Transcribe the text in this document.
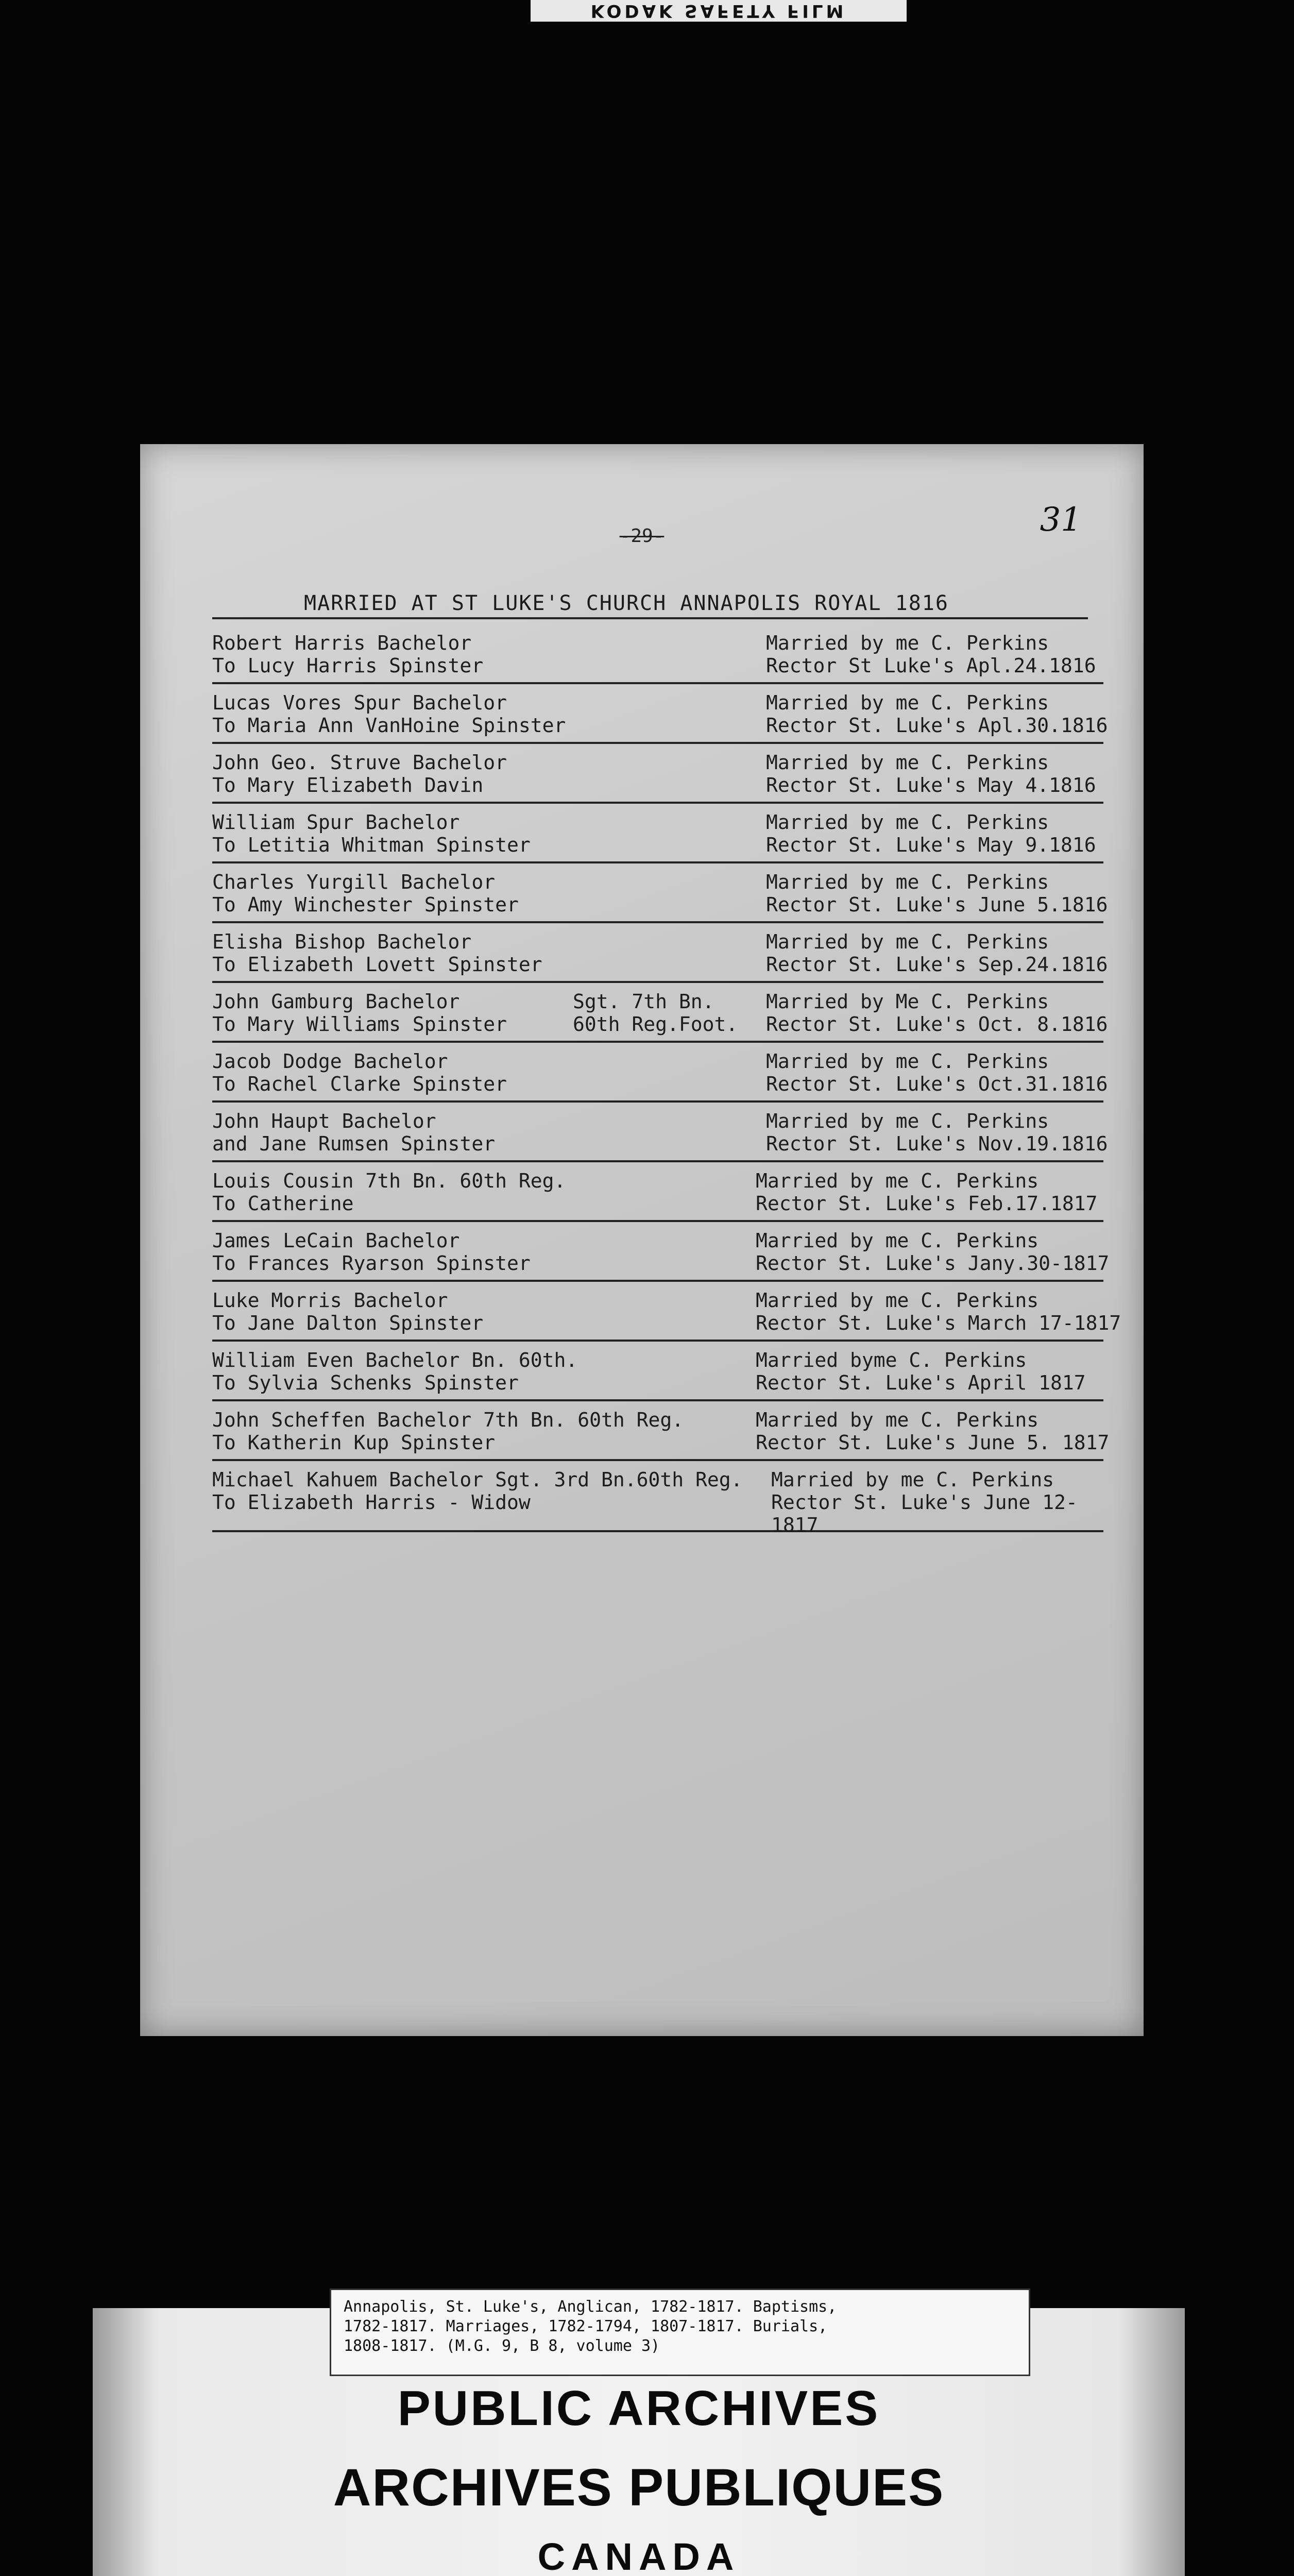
KODAK SAFETY FILM
-29-	31
MARRIED AT ST LUKE'S CHURCH ANNAPOLIS ROYAL 1816
Robert Harris Bachelor
To Lucy Harris Spinster
Married by me C. Perkins
Rector St Luke's Apl.24.1816
Lucas Vores Spur Bachelor
To Maria Ann VanHoine Spinster
Married by me C. Perkins
Rector St. Luke's Apl.30.1816
John Geo. Struve Bachelor
To Mary Elizabeth Davin
Married by me C. Perkins
Rector St. Luke's May 4.1816
William Spur Bachelor
To Letitia Whitman Spinster
Married by me C. Perkins
Rector St. Luke's May 9.1816
Charles Yurgill Bachelor
To Amy Winchester Spinster
Married by me C. Perkins
Rector St. Luke's June 5.1816
Elisha Bishop Bachelor
To Elizabeth Lovett Spinster
Married by me C. Perkins
Rector St. Luke's Sep.24.1816
John Gamburg Bachelor
To Mary Williams Spinster
Sgt. 7th Bn.
60th Reg.Foot.
Married by Me C. Perkins
Rector St. Luke's Oct. 8.1816
Jacob Dodge Bachelor
To Rachel Clarke Spinster
Married by me C. Perkins
Rector St. Luke's Oct.31.1816
John Haupt Bachelor
and Jane Rumsen Spinster
Married by me C. Perkins
Rector St. Luke's Nov.19.1816
Louis Cousin 7th Bn. 60th Reg.
To Catherine
Married by me C. Perkins
Rector St. Luke's Feb.17.1817
James LeCain Bachelor
To Frances Ryarson Spinster
Married by me C. Perkins
Rector St. Luke's Jany.30-1817
Luke Morris Bachelor
To Jane Dalton Spinster
Married by me C. Perkins
Rector St. Luke's March 17-1817
William Even Bachelor Bn. 60th.
To Sylvia Schenks Spinster
Married byme C. Perkins
Rector St. Luke's April 1817
John Scheffen Bachelor 7th Bn. 60th Reg.
To Katherin Kup Spinster
Married by me C. Perkins
Rector St. Luke's June 5. 1817
Michael Kahuem Bachelor Sgt. 3rd Bn.60th Reg.
To Elizabeth Harris - Widow
Married by me C. Perkins
Rector St. Luke's June 12-
1817
Annapolis, St. Luke's, Anglican, 1782-1817. Baptisms,
1782-1817. Marriages, 1782-1794, 1807-1817. Burials,
1808-1817. (M.G. 9, B 8, volume 3)
PUBLIC ARCHIVES
ARCHIVES PUBLIQUES
CANADA
